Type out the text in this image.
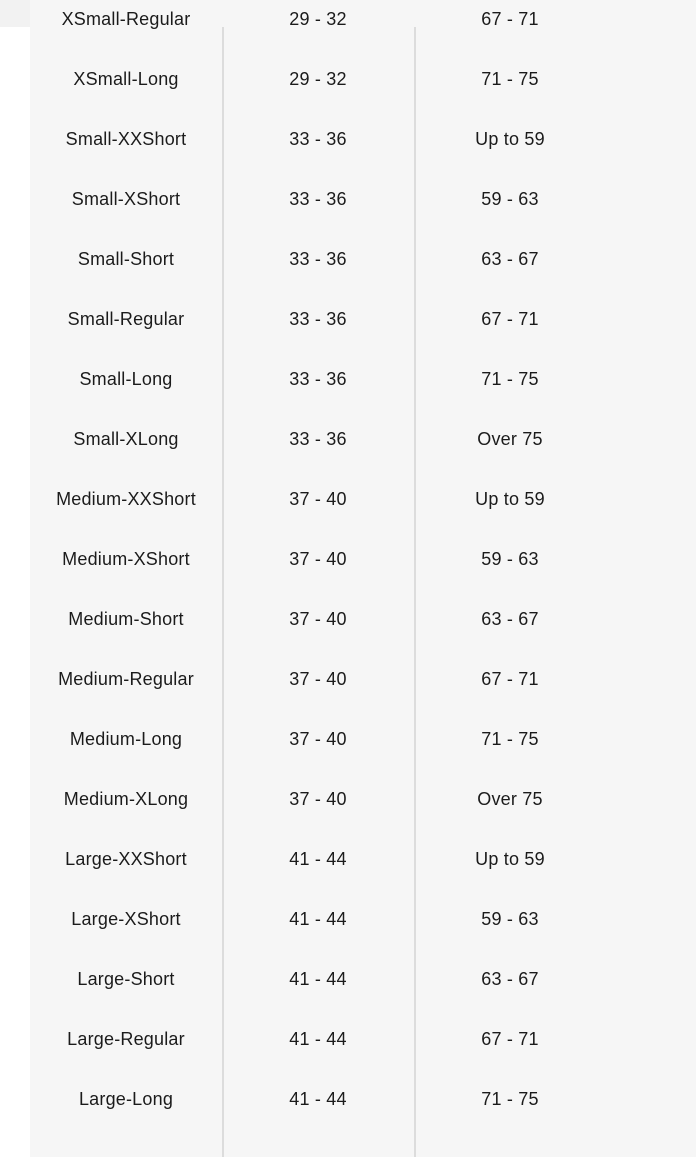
XSmall-Regular	29 - 32	67 - 71
XSmall-Long	29 - 32	71 - 75
Small-XXShort	33 - 36	Up to 59
Small-XShort	33 - 36	59 - 63
Small-Short	33 - 36	63 - 67
Small-Regular	33 - 36	67 - 71
Small-Long	33 - 36	71 - 75
Small-XLong	33 - 36	Over 75
Medium-XXShort	37 - 40	Up to 59
Medium-XShort	37 - 40	59 - 63
Medium-Short	37 - 40	63 - 67
Medium-Regular	37 - 40	67 - 71
Medium-Long	37 - 40	71 - 75
Medium-XLong	37 - 40	Over 75
Large-XXShort	41 - 44	Up to 59
Large-XShort	41 - 44	59 - 63
Large-Short	41 - 44	63 - 67
Large-Regular	41 - 44	67 - 71
Large-Long	41 - 44	71 - 75
